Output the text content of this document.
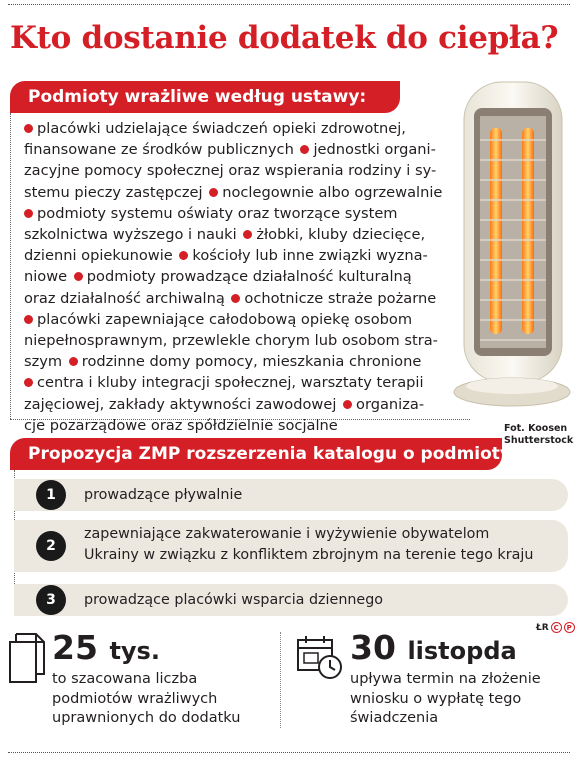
Kto dostanie dodatek do ciepła?
Podmioty wrażliwe według ustawy:

placówki udzielające świadczeń opieki zdrowotnej,

finansowane ze środków publicznych jednostki organi-

zacyjne pomocy społecznej oraz wspierania rodziny i sy-

stemu pieczy zastępczej noclegownie albo ogrzewalnie

podmioty systemu oświaty oraz tworzące system

szkolnictwa wyższego i nauki żłobki, kluby dziecięce,

dzienni opiekunowie kościoły lub inne związki wyzna-

niowe podmioty prowadzące działalność kulturalną

oraz działalność archiwalną ochotnicze straże pożarne

placówki zapewniające całodobową opiekę osobom

niepełnosprawnym, przewlekle chorym lub osobom stra-

szym rodzinne domy pomocy, mieszkania chronione

centra i kluby integracji społecznej, warsztaty terapii

zajęciowej, zakłady aktywności zawodowej organiza-

cje pozarządowe oraz spółdzielnie socjalne	Fot. Koosen
Shutterstock
Propozycja ZMP rozszerzenia katalogu o podmioty:
1	prowadzące pływalnie
2
zapewniające zakwaterowanie i wyżywienie obywatelom
Ukrainy w związku z konfliktem zbrojnym na terenie tego kraju
3	prowadzące placówki wsparcia dziennego
25 tys.
to szacowana liczba
podmiotów wrażliwych
uprawnionych do dodatku
30 listopda
upływa termin na złożenie
wniosku o wypłatę tego
świadczenia
ŁR C	P
